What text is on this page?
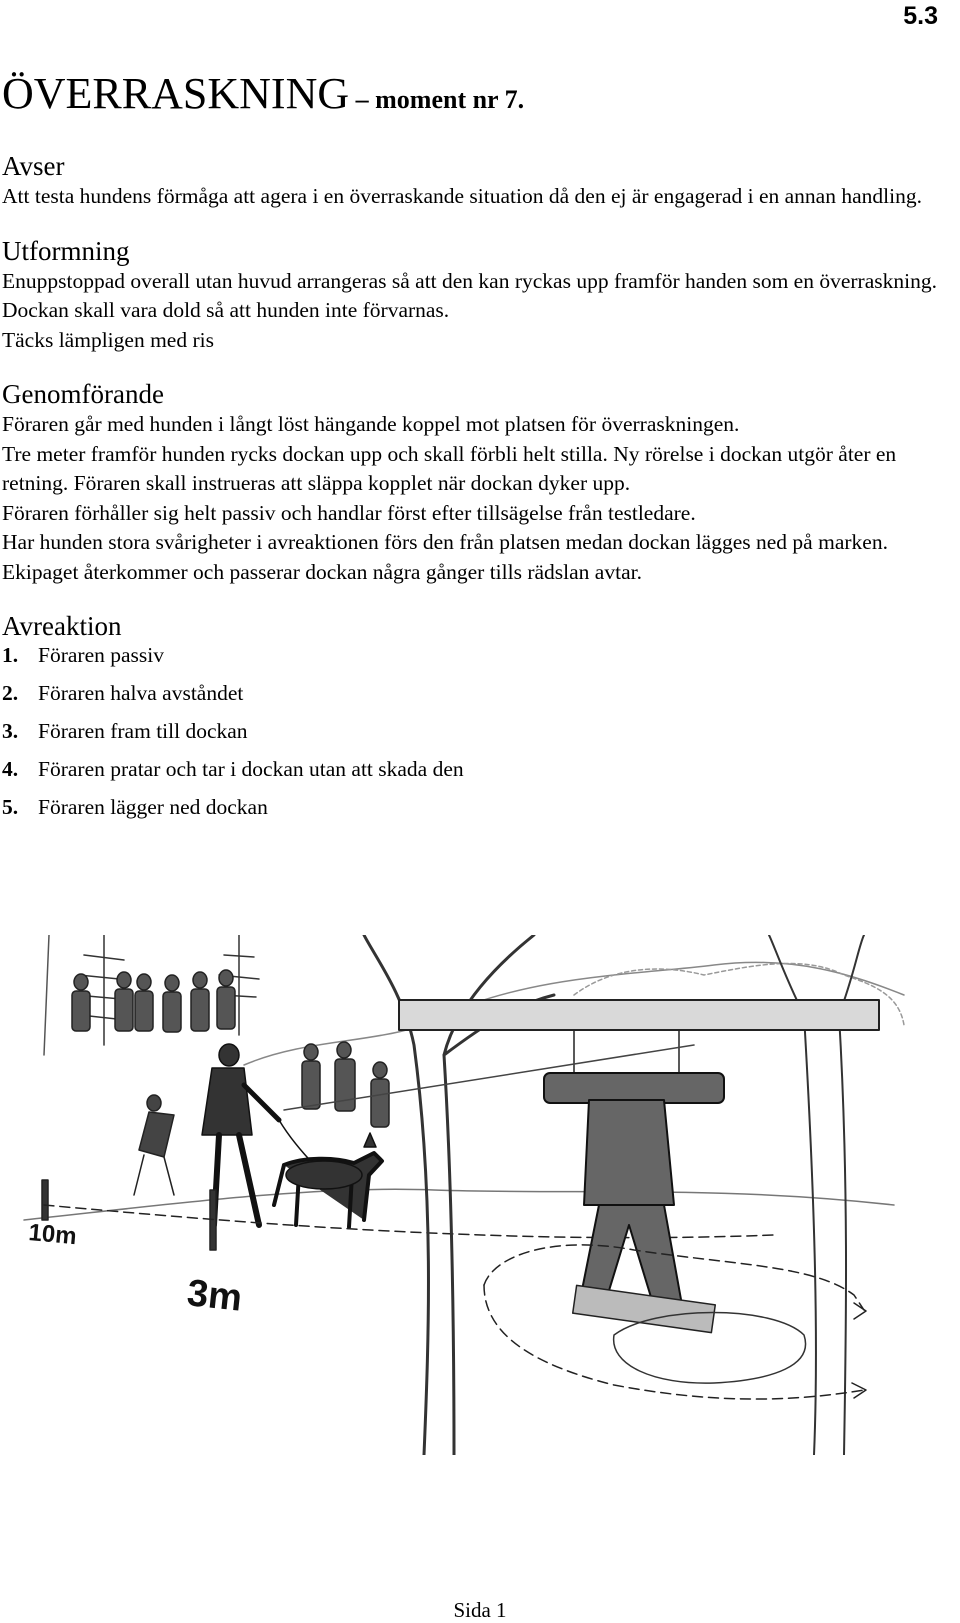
5.3
ÖVERRASKNING – moment nr 7.
Avser
Att testa hundens förmåga att agera i en överraskande situation då den ej är engagerad i en annan handling.
Utformning
Enuppstoppad overall utan huvud arrangeras så att den kan ryckas upp framför handen som en överraskning. Dockan skall vara dold så att hunden inte förvarnas.
Täcks lämpligen med ris
Genomförande
Föraren går med hunden i långt löst hängande koppel mot platsen för överraskningen.
Tre meter framför hunden rycks dockan upp och skall förbli helt stilla. Ny rörelse i dockan utgör åter en retning. Föraren skall instrueras att släppa kopplet när dockan dyker upp.
Föraren förhåller sig helt passiv och handlar först efter tillsägelse från testledare.
Har hunden stora svårigheter i avreaktionen förs den från platsen medan dockan lägges ned på marken. Ekipaget återkommer och passerar dockan några gånger tills rädslan avtar.
Avreaktion
1. Föraren passiv
2. Föraren halva avståndet
3. Föraren fram till dockan
4. Föraren pratar och tar i dockan utan att skada den
5. Föraren lägger ned dockan
10m
3m
Sida 1
